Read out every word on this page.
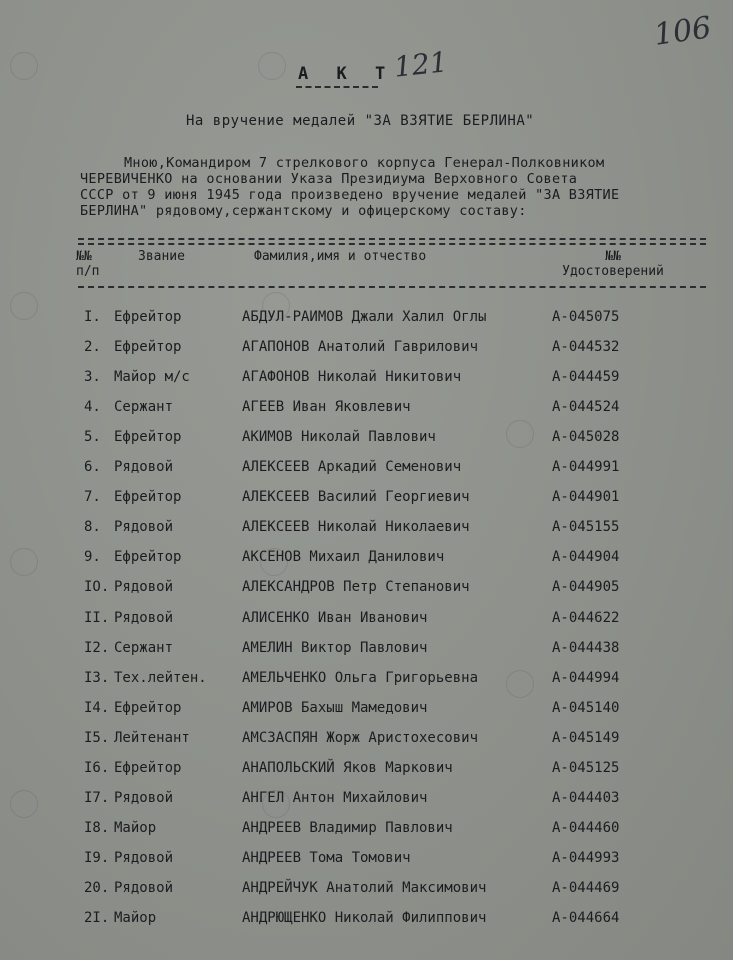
106
121
А К Т
На вручение медалей "ЗА ВЗЯТИЕ БЕРЛИНА"
Мною,Командиром 7 стрелкового корпуса Генерал-Полковником
ЧЕРЕВИЧЕНКО на основании Указа Президиума Верховного Совета
СССР от 9 июня 1945 года произведено вручение медалей "ЗА ВЗЯТИЕ
БЕРЛИНА" рядовому,сержантскому и офицерскому составу:
№№
п/п
Звание	Фамилия,имя и отчество	№№
Удостоверений
I. Ефрейтор	АБДУЛ-РАИМОВ Джали Халил Оглы	А-045075
2. Ефрейтор	АГАПОНОВ Анатолий Гаврилович	А-044532
3. Майор м/с	АГАФОНОВ Николай Никитович	А-044459
4. Сержант	АГЕЕВ Иван Яковлевич	А-044524
5. Ефрейтор	АКИМОВ Николай Павлович	А-045028
6. Рядовой	АЛЕКСЕЕВ Аркадий Семенович	А-044991
7. Ефрейтор	АЛЕКСЕЕВ Василий Георгиевич	А-044901
8. Рядовой	АЛЕКСЕЕВ Николай Николаевич	А-045155
9. Ефрейтор	АКСЕНОВ Михаил Данилович	А-044904
IO. Рядовой	АЛЕКСАНДРОВ Петр Степанович	А-044905
II. Рядовой	АЛИСЕНКО Иван Иванович	А-044622
I2. Сержант	АМЕЛИН Виктор Павлович	А-044438
I3. Тех.лейтен.	АМЕЛЬЧЕНКО Ольга Григорьевна	А-044994
I4. Ефрейтор	АМИРОВ Бахыш Мамедович	А-045140
I5. Лейтенант	АМСЗАСПЯН Жорж Аристохесович	А-045149
I6. Ефрейтор	АНАПОЛЬСКИЙ Яков Маркович	А-045125
I7. Рядовой	АНГЕЛ Антон Михайлович	А-044403
I8. Майор	АНДРЕЕВ Владимир Павлович	А-044460
I9. Рядовой	АНДРЕЕВ Тома Томович	А-044993
20. Рядовой	АНДРЕЙЧУК Анатолий Максимович	А-044469
2I. Майор	АНДРЮЩЕНКО Николай Филиппович	А-044664
